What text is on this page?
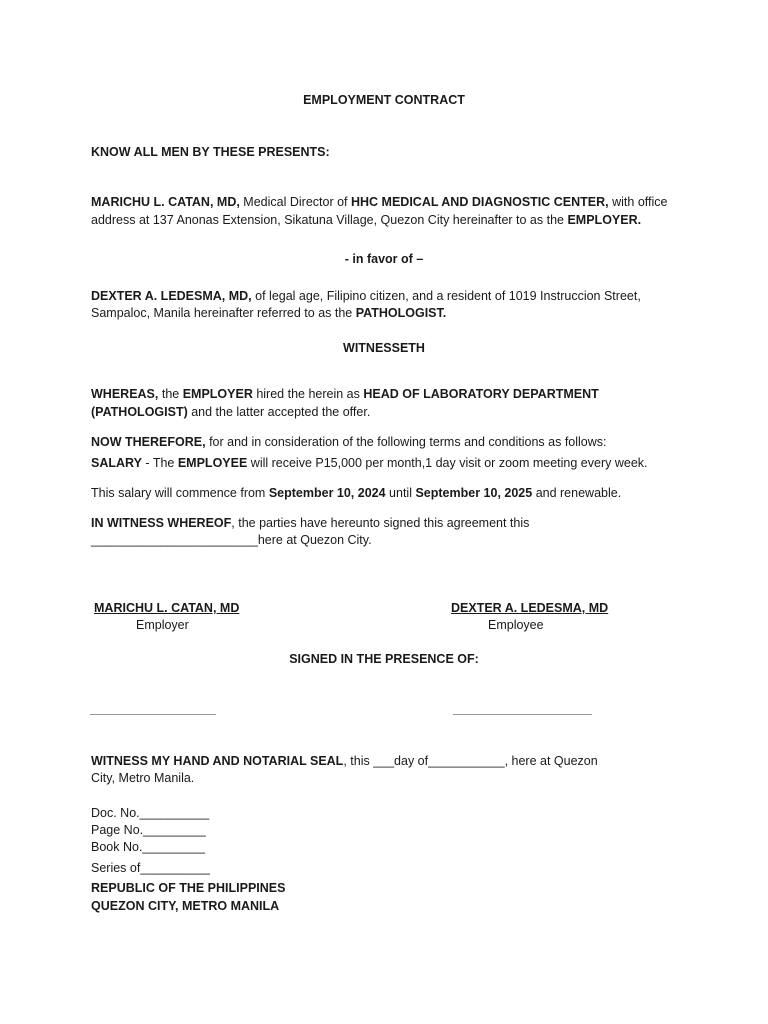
EMPLOYMENT CONTRACT
KNOW ALL MEN BY THESE PRESENTS:
MARICHU L. CATAN, MD, Medical Director of HHC MEDICAL AND DIAGNOSTIC CENTER, with office
address at 137 Anonas Extension, Sikatuna Village, Quezon City hereinafter to as the EMPLOYER.
- in favor of –
DEXTER A. LEDESMA, MD, of legal age, Filipino citizen, and a resident of 1019 Instruccion Street,
Sampaloc, Manila hereinafter referred to as the PATHOLOGIST.
WITNESSETH
WHEREAS, the EMPLOYER hired the herein as HEAD OF LABORATORY DEPARTMENT
(PATHOLOGIST) and the latter accepted the offer.
NOW THEREFORE, for and in consideration of the following terms and conditions as follows:
SALARY - The EMPLOYEE will receive P15,000 per month,1 day visit or zoom meeting every week.
This salary will commence from September 10, 2024 until September 10, 2025 and renewable.
IN WITNESS WHEREOF, the parties have hereunto signed this agreement this
________________________here at Quezon City.
MARICHU L. CATAN, MD
Employer
DEXTER A. LEDESMA, MD
Employee
SIGNED IN THE PRESENCE OF:
WITNESS MY HAND AND NOTARIAL SEAL, this ___day of___________, here at Quezon
City, Metro Manila.
Doc. No.__________
Page No._________
Book No._________
Series of__________
REPUBLIC OF THE PHILIPPINES
QUEZON CITY, METRO MANILA
